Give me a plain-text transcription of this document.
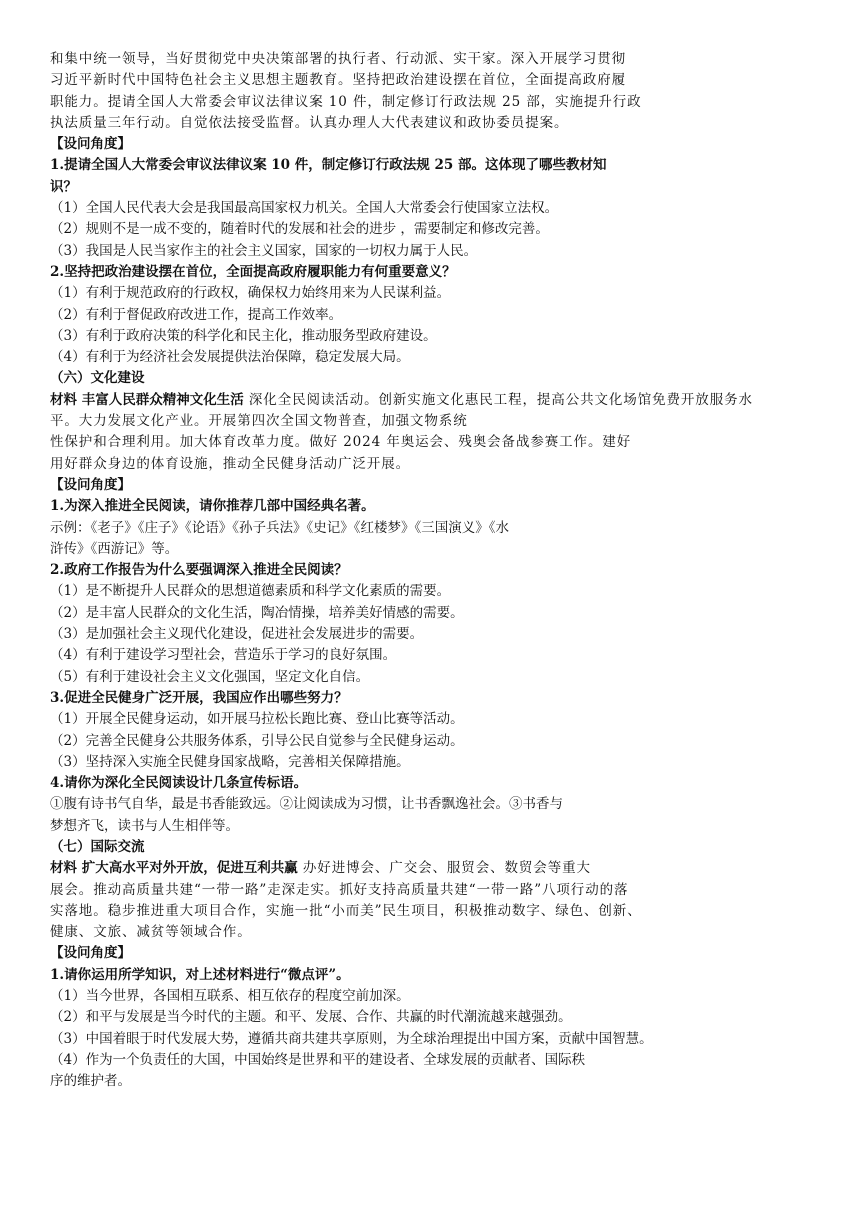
和集中统一领导，当好贯彻党中央决策部署的执行者、行动派、实干家。深入开展学习贯彻
习近平新时代中国特色社会主义思想主题教育。坚持把政治建设摆在首位，全面提高政府履
职能力。提请全国人大常委会审议法律议案 10 件，制定修订行政法规 25 部，实施提升行政
执法质量三年行动。自觉依法接受监督。认真办理人大代表建议和政协委员提案。
【设问角度】
1.提请全国人大常委会审议法律议案 10 件，制定修订行政法规 25 部。这体现了哪些教材知
识？
（1）全国人民代表大会是我国最高国家权力机关。全国人大常委会行使国家立法权。
（2）规则不是一成不变的，随着时代的发展和社会的进步 ，需要制定和修改完善。
（3）我国是人民当家作主的社会主义国家，国家的一切权力属于人民。
2.坚持把政治建设摆在首位，全面提高政府履职能力有何重要意义？
（1）有利于规范政府的行政权，确保权力始终用来为人民谋利益。
（2）有利于督促政府改进工作，提高工作效率。
（3）有利于政府决策的科学化和民主化，推动服务型政府建设。
（4）有利于为经济社会发展提供法治保障，稳定发展大局。
（六）文化建设
材料 丰富人民群众精神文化生活 深化全民阅读活动。创新实施文化惠民工程，提高公共文化场馆免费开放服务水
平。大力发展文化产业。开展第四次全国文物普查，加强文物系统
性保护和合理利用。加大体育改革力度。做好 2024 年奥运会、残奥会备战参赛工作。建好
用好群众身边的体育设施，推动全民健身活动广泛开展。
【设问角度】
1.为深入推进全民阅读，请你推荐几部中国经典名著。
示例：《老子》《庄子》《论语》《孙子兵法》《史记》《红楼梦》《三国演义》《水
浒传》《西游记》等。
2.政府工作报告为什么要强调深入推进全民阅读？
（1）是不断提升人民群众的思想道德素质和科学文化素质的需要。
（2）是丰富人民群众的文化生活，陶冶情操，培养美好情感的需要。
（3）是加强社会主义现代化建设，促进社会发展进步的需要。
（4）有利于建设学习型社会，营造乐于学习的良好氛围。
（5）有利于建设社会主义文化强国，坚定文化自信。
3.促进全民健身广泛开展，我国应作出哪些努力？
（1）开展全民健身运动，如开展马拉松长跑比赛、登山比赛等活动。
（2）完善全民健身公共服务体系，引导公民自觉参与全民健身运动。
（3）坚持深入实施全民健身国家战略，完善相关保障措施。
4.请你为深化全民阅读设计几条宣传标语。
①腹有诗书气自华，最是书香能致远。②让阅读成为习惯，让书香飘逸社会。③书香与
梦想齐飞，读书与人生相伴等。
（七）国际交流
材料 扩大高水平对外开放，促进互利共赢 办好进博会、广交会、服贸会、数贸会等重大
展会。推动高质量共建“一带一路”走深走实。抓好支持高质量共建“一带一路”八项行动的落
实落地。稳步推进重大项目合作，实施一批“小而美”民生项目，积极推动数字、绿色、创新、
健康、文旅、减贫等领域合作。
【设问角度】
1.请你运用所学知识，对上述材料进行“微点评”。
（1）当今世界，各国相互联系、相互依存的程度空前加深。
（2）和平与发展是当今时代的主题。和平、发展、合作、共赢的时代潮流越来越强劲。
（3）中国着眼于时代发展大势，遵循共商共建共享原则，为全球治理提出中国方案，贡献中国智慧。
（4）作为一个负责任的大国，中国始终是世界和平的建设者、全球发展的贡献者、国际秩
序的维护者。
